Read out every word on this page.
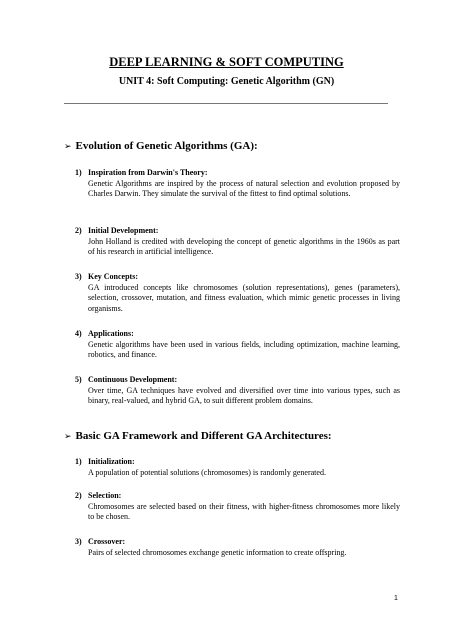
DEEP LEARNING & SOFT COMPUTING
UNIT 4: Soft Computing: Genetic Algorithm (GN)
➢ Evolution of Genetic Algorithms (GA):
1) Inspiration from Darwin's Theory:
Genetic Algorithms are inspired by the process of natural selection and evolution proposed by Charles Darwin. They simulate the survival of the fittest to find optimal solutions.
2) Initial Development:
John Holland is credited with developing the concept of genetic algorithms in the 1960s as part of his research in artificial intelligence.
3) Key Concepts:
GA introduced concepts like chromosomes (solution representations), genes (parameters), selection, crossover, mutation, and fitness evaluation, which mimic genetic processes in living organisms.
4) Applications:
Genetic algorithms have been used in various fields, including optimization, machine learning, robotics, and finance.
5) Continuous Development:
Over time, GA techniques have evolved and diversified over time into various types, such as binary, real-valued, and hybrid GA, to suit different problem domains.
➢ Basic GA Framework and Different GA Architectures:
1) Initialization:
A population of potential solutions (chromosomes) is randomly generated.
2) Selection:
Chromosomes are selected based on their fitness, with higher-fitness chromosomes more likely to be chosen.
3) Crossover:
Pairs of selected chromosomes exchange genetic information to create offspring.
1
